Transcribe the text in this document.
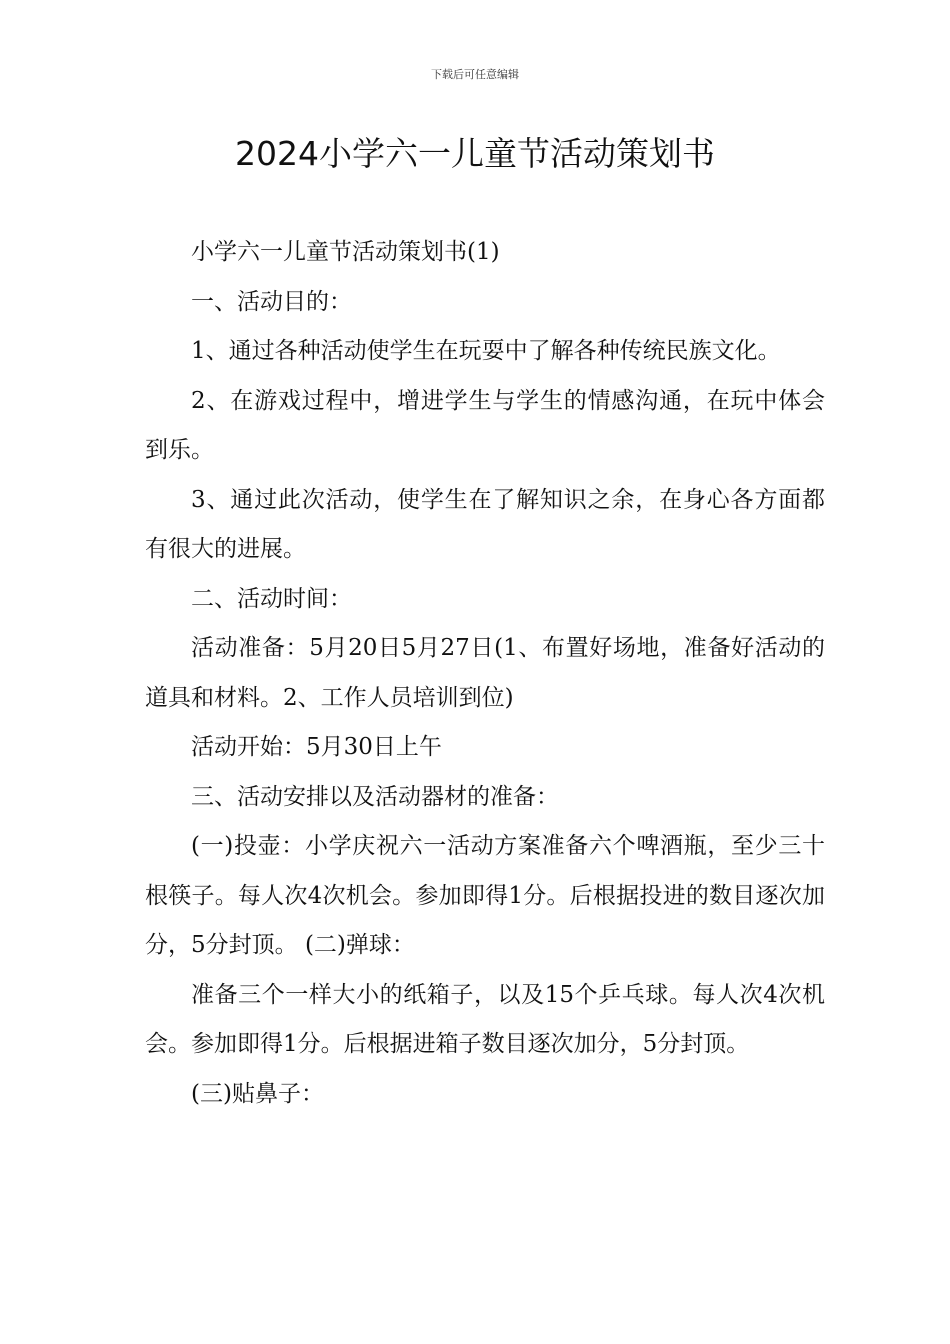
下载后可任意编辑
2024小学六一儿童节活动策划书

小学六一儿童节活动策划书(1)

一、活动目的：

1、通过各种活动使学生在玩耍中了解各种传统民族文化。

2、在游戏过程中，增进学生与学生的情感沟通，在玩中体会到乐。

3、通过此次活动，使学生在了解知识之余，在身心各方面都有很大的进展。

二、活动时间：

活动准备：5月20日5月27日(1、布置好场地，准备好活动的道具和材料。2、工作人员培训到位)

活动开始：5月30日上午

三、活动安排以及活动器材的准备：

(一)投壶：小学庆祝六一活动方案准备六个啤酒瓶，至少三十根筷子。每人次4次机会。参加即得1分。后根据投进的数目逐次加分，5分封顶。 (二)弹球：

准备三个一样大小的纸箱子，以及15个乒乓球。每人次4次机会。参加即得1分。后根据进箱子数目逐次加分，5分封顶。

(三)贴鼻子：
